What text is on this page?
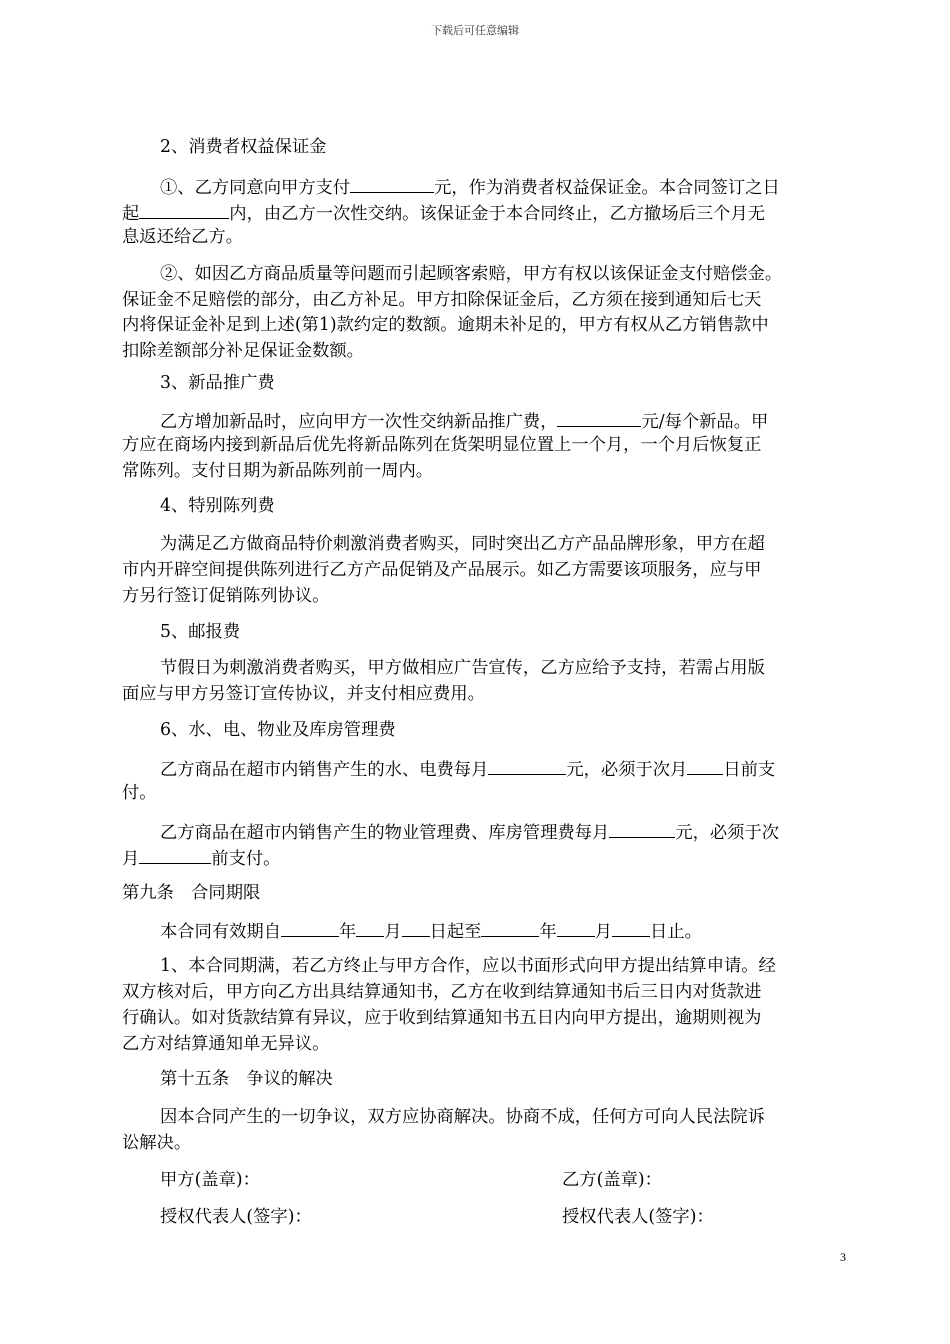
下载后可任意编辑
2、消费者权益保证金
①、乙方同意向甲方支付	元，作为消费者权益保证金。本合同签订之日
起	内，由乙方一次性交纳。该保证金于本合同终止，乙方撤场后三个月无
息返还给乙方。
②、如因乙方商品质量等问题而引起顾客索赔，甲方有权以该保证金支付赔偿金。
保证金不足赔偿的部分，由乙方补足。甲方扣除保证金后，乙方须在接到通知后七天
内将保证金补足到上述(第1)款约定的数额。逾期未补足的，甲方有权从乙方销售款中
扣除差额部分补足保证金数额。
3、新品推广费
乙方增加新品时，应向甲方一次性交纳新品推广费，	元/每个新品。甲
方应在商场内接到新品后优先将新品陈列在货架明显位置上一个月，一个月后恢复正
常陈列。支付日期为新品陈列前一周内。
4、特别陈列费
为满足乙方做商品特价刺激消费者购买，同时突出乙方产品品牌形象，甲方在超
市内开辟空间提供陈列进行乙方产品促销及产品展示。如乙方需要该项服务，应与甲
方另行签订促销陈列协议。
5、邮报费
节假日为刺激消费者购买，甲方做相应广告宣传，乙方应给予支持，若需占用版
面应与甲方另签订宣传协议，并支付相应费用。
6、水、电、物业及库房管理费
乙方商品在超市内销售产生的水、电费每月	元，必须于次月 日前支
付。
乙方商品在超市内销售产生的物业管理费、库房管理费每月	元，必须于次
月	前支付。
第九条　合同期限
本合同有效期自	年 月 日起至	年 月 日止。
1、本合同期满，若乙方终止与甲方合作，应以书面形式向甲方提出结算申请。经
双方核对后，甲方向乙方出具结算通知书，乙方在收到结算通知书后三日内对货款进
行确认。如对货款结算有异议，应于收到结算通知书五日内向甲方提出，逾期则视为
乙方对结算通知单无异议。
第十五条　争议的解决
因本合同产生的一切争议，双方应协商解决。协商不成，任何方可向人民法院诉
讼解决。
甲方(盖章)：	乙方(盖章)：
授权代表人(签字)：	授权代表人(签字)：
3
